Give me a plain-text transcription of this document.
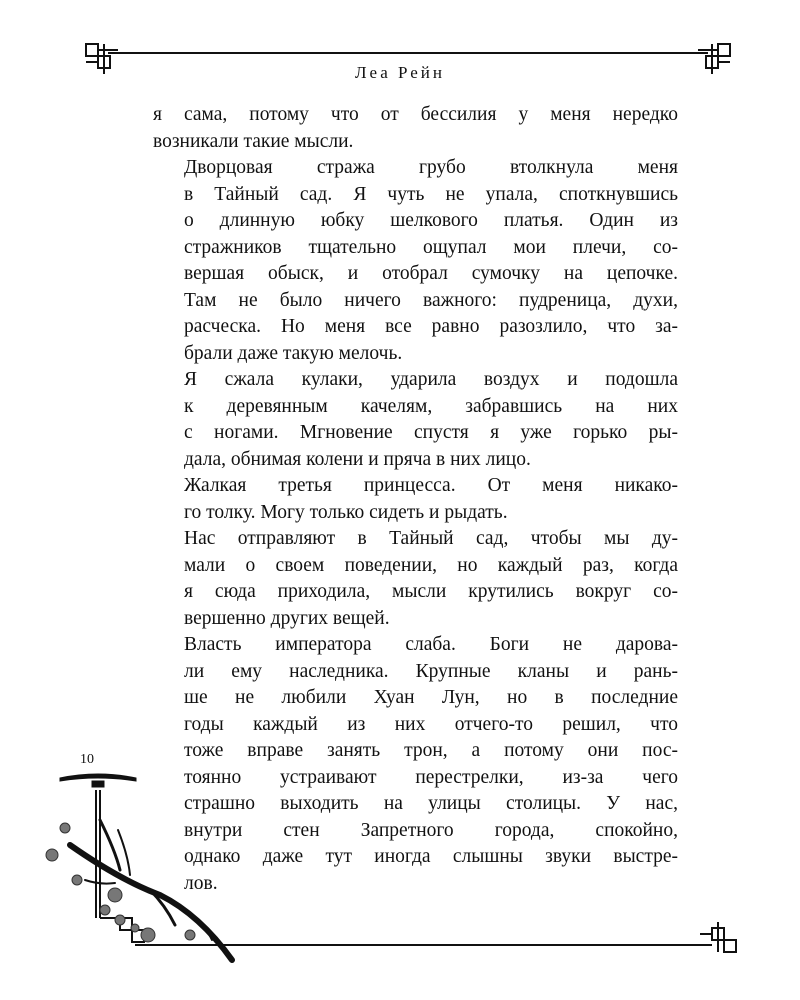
Леа Рейн

я сама, потому что от бессилия у меня нередко
возникали такие мысли.

Дворцовая стража грубо втолкнула меня
в Тайный сад. Я чуть не упала, споткнувшись
о длинную юбку шелкового платья. Один из
стражников тщательно ощупал мои плечи, со-
вершая обыск, и отобрал сумочку на цепочке.
Там не было ничего важного: пудреница, духи,
расческа. Но меня все равно разозлило, что за-
брали даже такую мелочь.

Я сжала кулаки, ударила воздух и подошла
к деревянным качелям, забравшись на них
с ногами. Мгновение спустя я уже горько ры-
дала, обнимая колени и пряча в них лицо.

Жалкая третья принцесса. От меня никако-
го толку. Могу только сидеть и рыдать.

Нас отправляют в Тайный сад, чтобы мы ду-
мали о своем поведении, но каждый раз, когда
я сюда приходила, мысли крутились вокруг со-
вершенно других вещей.

Власть императора слаба. Боги не дарова-
ли ему наследника. Крупные кланы и рань-
ше не любили Хуан Лун, но в последние
годы каждый из них отчего-то решил, что
тоже вправе занять трон, а потому они пос-
тоянно устраивают перестрелки, из-за чего
страшно выходить на улицы столицы. У нас,
внутри стен Запретного города, спокойно,
однако даже тут иногда слышны звуки выстре-
лов.

10
